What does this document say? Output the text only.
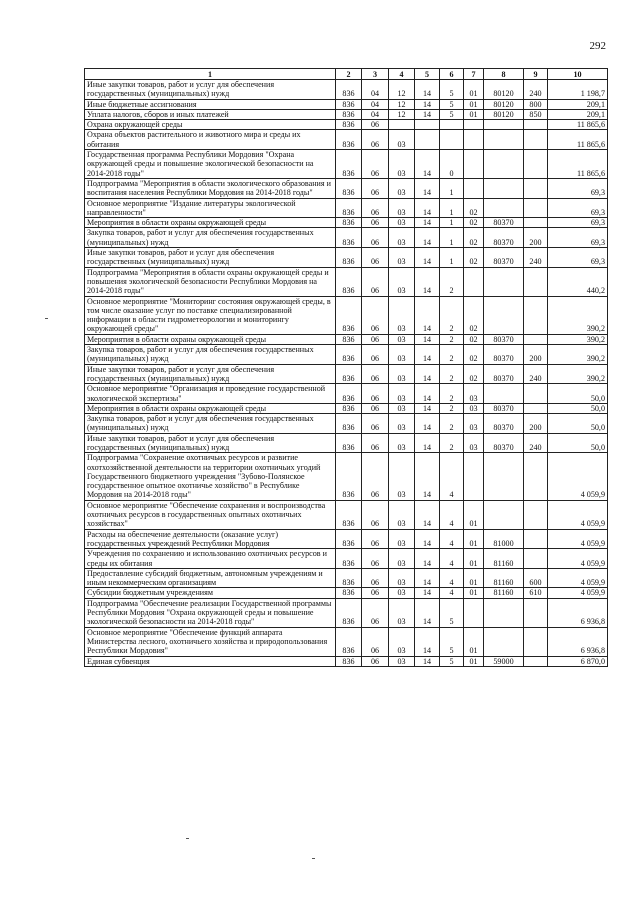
292
1	2	3	4	5	6	7	8	9	10
Иные закупки товаров, работ и услуг для обеспечения государственных (муниципальных) нужд	836	04	12	14	5	01	80120	240	1 198,7
Иные бюджетные ассигнования	836	04	12	14	5	01	80120	800	209,1
Уплата налогов, сборов и иных платежей	836	04	12	14	5	01	80120	850	209,1
Охрана окружающей среды	836	06							11 865,6
Охрана объектов растительного и животного мира и среды их обитания	836	06	03						11 865,6
Государственная программа Республики Мордовия "Охрана окружающей среды и повышение экологической безопасности на 2014-2018 годы"	836	06	03	14	0				11 865,6
Подпрограмма "Мероприятия в области экологического образования и воспитания населения Республики Мордовия на 2014-2018 годы"	836	06	03	14	1				69,3
Основное мероприятие "Издание литературы экологической направленности"	836	06	03	14	1	02			69,3
Мероприятия в области охраны окружающей среды	836	06	03	14	1	02	80370		69,3
Закупка товаров, работ и услуг для обеспечения государственных (муниципальных) нужд	836	06	03	14	1	02	80370	200	69,3
Иные закупки товаров, работ и услуг для обеспечения государственных (муниципальных) нужд	836	06	03	14	1	02	80370	240	69,3
Подпрограмма "Мероприятия в области охраны окружающей среды и повышения экологической безопасности Республики Мордовия на 2014-2018 годы"	836	06	03	14	2				440,2
Основное мероприятие "Мониторинг состояния окружающей среды, в том числе оказание услуг по поставке специализированной информации в области гидрометеорологии и мониторингу окружающей среды"	836	06	03	14	2	02			390,2
Мероприятия в области охраны окружающей среды	836	06	03	14	2	02	80370		390,2
Закупка товаров, работ и услуг для обеспечения государственных (муниципальных) нужд	836	06	03	14	2	02	80370	200	390,2
Иные закупки товаров, работ и услуг для обеспечения государственных (муниципальных) нужд	836	06	03	14	2	02	80370	240	390,2
Основное мероприятие "Организация и проведение государственной экологической экспертизы"	836	06	03	14	2	03			50,0
Мероприятия в области охраны окружающей среды	836	06	03	14	2	03	80370		50,0
Закупка товаров, работ и услуг для обеспечения государственных (муниципальных) нужд	836	06	03	14	2	03	80370	200	50,0
Иные закупки товаров, работ и услуг для обеспечения государственных (муниципальных) нужд	836	06	03	14	2	03	80370	240	50,0
Подпрограмма "Сохранение охотничьих ресурсов и развитие охотхозяйственной деятельности на территории охотничьих угодий Государственного бюджетного учреждения "Зубово-Полянское государственное опытное охотничье хозяйство" в Республике Мордовия на 2014-2018 годы"	836	06	03	14	4				4 059,9
Основное мероприятие "Обеспечение сохранения и воспроизводства охотничьих ресурсов в государственных опытных охотничьих хозяйствах"	836	06	03	14	4	01			4 059,9
Расходы на обеспечение деятельности (оказание услуг) государственных учреждений Республики Мордовия	836	06	03	14	4	01	81000		4 059,9
Учреждения по сохранению и использованию охотничьих ресурсов и среды их обитания	836	06	03	14	4	01	81160		4 059,9
Предоставление субсидий бюджетным, автономным учреждениям и иным некоммерческим организациям	836	06	03	14	4	01	81160	600	4 059,9
Субсидии бюджетным учреждениям	836	06	03	14	4	01	81160	610	4 059,9
Подпрограмма "Обеспечение реализации Государственной программы Республики Мордовия "Охрана окружающей среды и повышение экологической безопасности на 2014-2018 годы"	836	06	03	14	5				6 936,8
Основное мероприятие "Обеспечение функций аппарата Министерства лесного, охотничьего хозяйства и природопользования Республики Мордовия"	836	06	03	14	5	01			6 936,8
Единая субвенция	836	06	03	14	5	01	59000		6 870,0
